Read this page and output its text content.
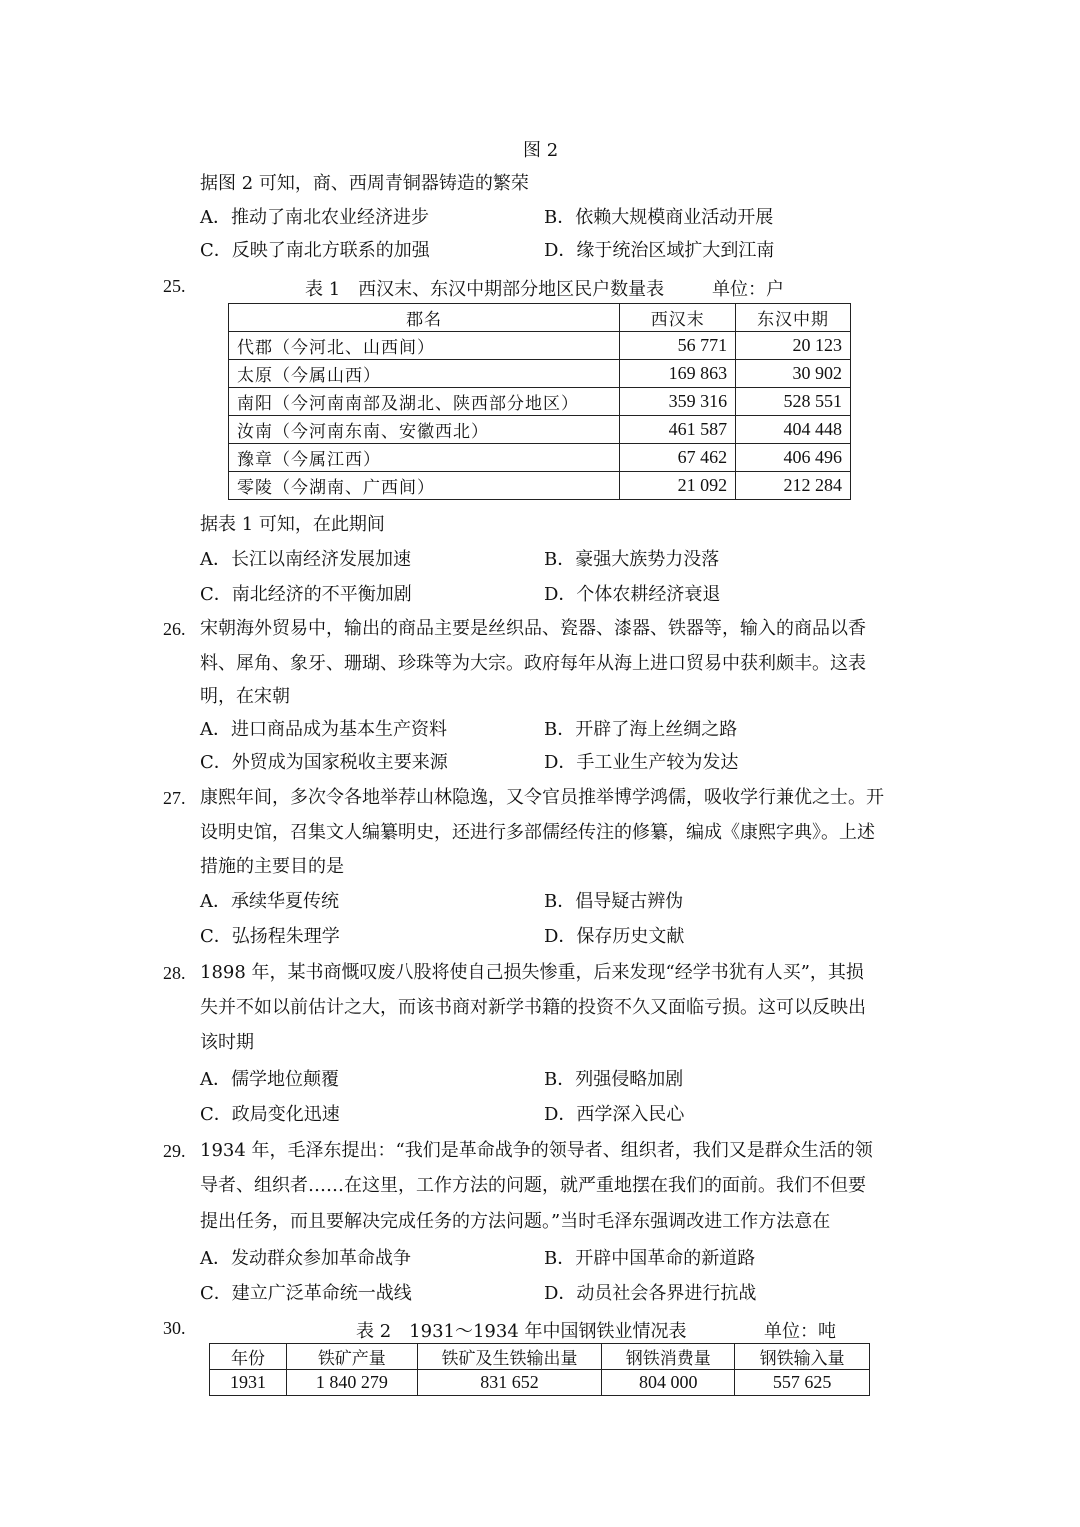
图 2
据图 2 可知，商、西周青铜器铸造的繁荣
A．推动了南北农业经济进步	B．依赖大规模商业活动开展
C．反映了南北方联系的加强	D．缘于统治区域扩大到江南
25.	表 1　西汉末、东汉中期部分地区民户数量表	单位：户
郡名	西汉末	东汉中期
代郡（今河北、山西间）	56 771	20 123
太原（今属山西）	169 863	30 902
南阳（今河南南部及湖北、陕西部分地区）	359 316	528 551
汝南（今河南东南、安徽西北）	461 587	404 448
豫章（今属江西）	67 462	406 496
零陵（今湖南、广西间）	21 092	212 284
据表 1 可知，在此期间
A．长江以南经济发展加速	B．豪强大族势力没落
C．南北经济的不平衡加剧	D．个体农耕经济衰退
26. 宋朝海外贸易中，输出的商品主要是丝织品、瓷器、漆器、铁器等，输入的商品以香
料、犀角、象牙、珊瑚、珍珠等为大宗。政府每年从海上进口贸易中获利颇丰。这表
明，在宋朝
A．进口商品成为基本生产资料	B．开辟了海上丝绸之路
C．外贸成为国家税收主要来源	D．手工业生产较为发达
27. 康熙年间，多次令各地举荐山林隐逸，又令官员推举博学鸿儒，吸收学行兼优之士。开
设明史馆，召集文人编纂明史，还进行多部儒经传注的修纂，编成《康熙字典》。上述
措施的主要目的是
A．承续华夏传统	B．倡导疑古辨伪
C．弘扬程朱理学	D．保存历史文献
28. 1898 年，某书商慨叹废八股将使自己损失惨重，后来发现“经学书犹有人买”，其损
失并不如以前估计之大，而该书商对新学书籍的投资不久又面临亏损。这可以反映出
该时期
A．儒学地位颠覆	B．列强侵略加剧
C．政局变化迅速	D．西学深入民心
29. 1934 年，毛泽东提出：“我们是革命战争的领导者、组织者，我们又是群众生活的领
导者、组织者……在这里，工作方法的问题，就严重地摆在我们的面前。我们不但要
提出任务，而且要解决完成任务的方法问题。”当时毛泽东强调改进工作方法意在
A．发动群众参加革命战争	B．开辟中国革命的新道路
C．建立广泛革命统一战线	D．动员社会各界进行抗战
30.	表 2　1931～1934 年中国钢铁业情况表	单位：吨
年份	铁矿产量	铁矿及生铁输出量	钢铁消费量	钢铁输入量
1931	1 840 279	831 652	804 000	557 625
